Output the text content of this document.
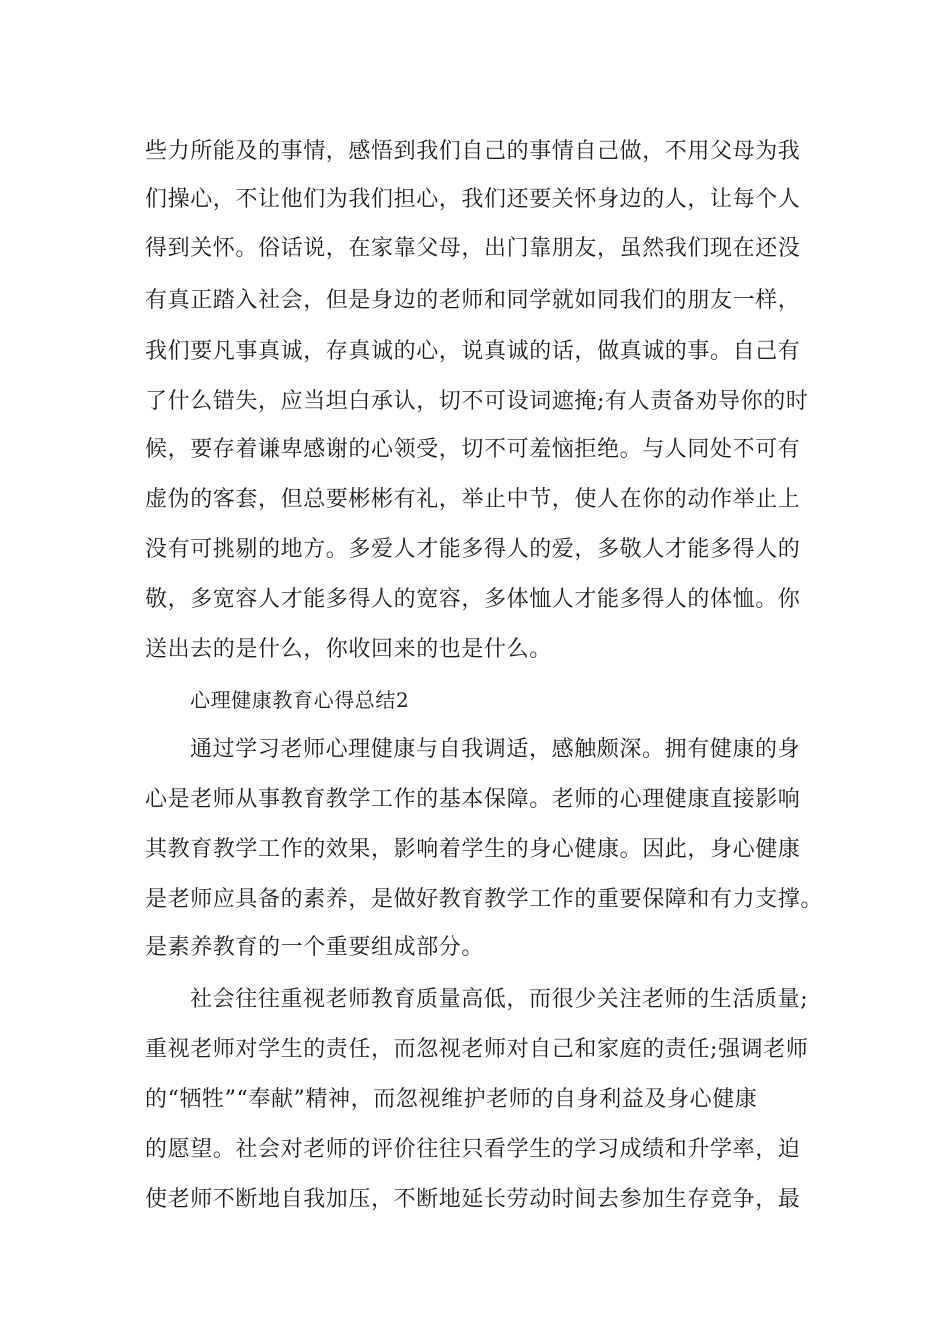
些力所能及的事情，感悟到我们自己的事情自己做，不用父母为我
们操心，不让他们为我们担心，我们还要关怀身边的人，让每个人
得到关怀。俗话说，在家靠父母，出门靠朋友，虽然我们现在还没
有真正踏入社会，但是身边的老师和同学就如同我们的朋友一样，
我们要凡事真诚，存真诚的心，说真诚的话，做真诚的事。自己有
了什么错失，应当坦白承认，切不可设词遮掩;有人责备劝导你的时
候，要存着谦卑感谢的心领受，切不可羞恼拒绝。与人同处不可有
虚伪的客套，但总要彬彬有礼，举止中节，使人在你的动作举止上
没有可挑剔的地方。多爱人才能多得人的爱，多敬人才能多得人的
敬，多宽容人才能多得人的宽容，多体恤人才能多得人的体恤。你
送出去的是什么，你收回来的也是什么。
心理健康教育心得总结2
通过学习老师心理健康与自我调适，感触颇深。拥有健康的身
心是老师从事教育教学工作的基本保障。老师的心理健康直接影响
其教育教学工作的效果，影响着学生的身心健康。因此，身心健康
是老师应具备的素养，是做好教育教学工作的重要保障和有力支撑。
是素养教育的一个重要组成部分。
社会往往重视老师教育质量高低，而很少关注老师的生活质量;
重视老师对学生的责任，而忽视老师对自己和家庭的责任;强调老师
的“牺牲”“奉献”精神，而忽视维护老师的自身利益及身心健康
的愿望。社会对老师的评价往往只看学生的学习成绩和升学率，迫
使老师不断地自我加压，不断地延长劳动时间去参加生存竞争，最
